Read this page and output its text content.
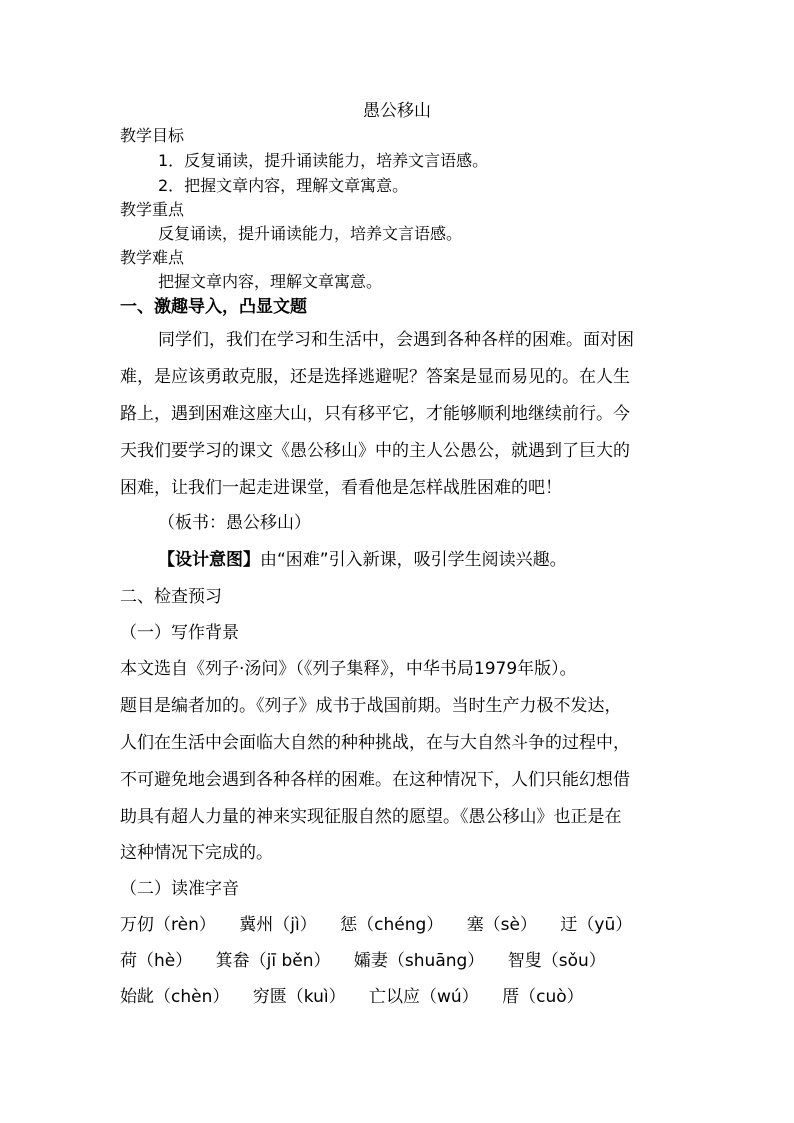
愚公移山
教学目标
1．反复诵读，提升诵读能力，培养文言语感。
2．把握文章内容，理解文章寓意。
教学重点
反复诵读，提升诵读能力，培养文言语感。
教学难点
把握文章内容，理解文章寓意。
一、激趣导入，凸显文题
同学们，我们在学习和生活中，会遇到各种各样的困难。面对困
难，是应该勇敢克服，还是选择逃避呢？答案是显而易见的。在人生
路上，遇到困难这座大山，只有移平它，才能够顺利地继续前行。今
天我们要学习的课文《愚公移山》中的主人公愚公，就遇到了巨大的
困难，让我们一起走进课堂，看看他是怎样战胜困难的吧！
（板书：愚公移山）
【设计意图】由“困难”引入新课，吸引学生阅读兴趣。
二、检查预习
（一）写作背景
本文选自《列子·汤问》（《列子集释》，中华书局1979年版）。
题目是编者加的。《列子》成书于战国前期。当时生产力极不发达，
人们在生活中会面临大自然的种种挑战，在与大自然斗争的过程中，
不可避免地会遇到各种各样的困难。在这种情况下，人们只能幻想借
助具有超人力量的神来实现征服自然的愿望。《愚公移山》也正是在
这种情况下完成的。
（二）读准字音
万仞（rèn） 冀州（jì） 惩（chéng） 塞（sè） 迂（yū）
荷（hè） 箕畚（jī běn） 孀妻（shuāng） 智叟（sǒu）
始龀（chèn） 穷匮（kuì） 亡以应（wú） 厝（cuò）
